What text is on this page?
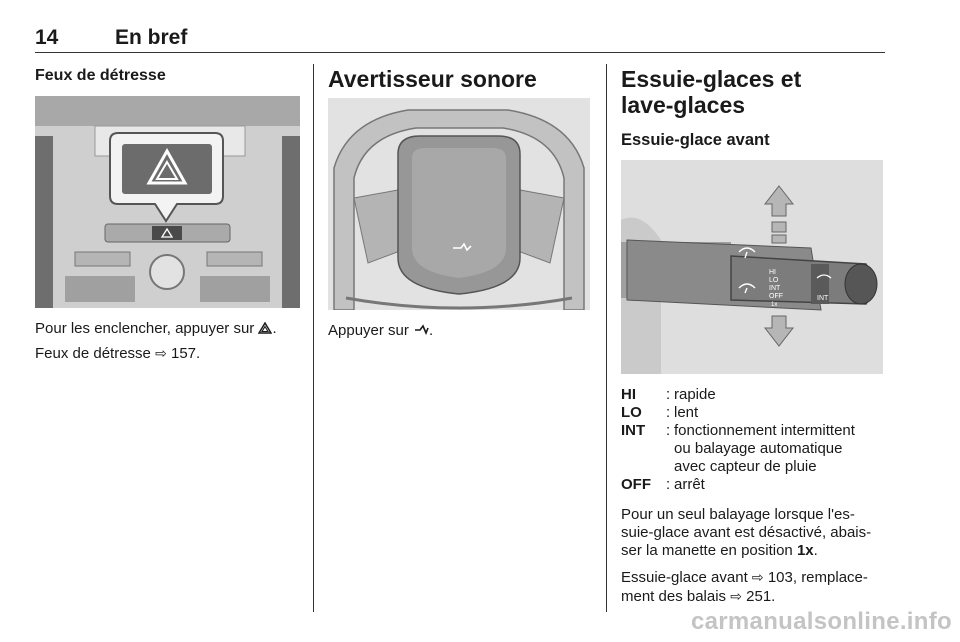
14	En bref
Feux de détresse

Pour les enclencher, appuyer sur .

Feux de détresse ⇨ 157.

Avertisseur sonore

Appuyer sur .

Essuie-glaces et
lave-glaces
Essuie-glace avant
HI
LO
INT
OFF
1x
INT
HI : rapide
LO : lent
INT : fonctionnement intermittent
ou balayage automatique
avec capteur de pluie
OFF : arrêt

Pour un seul balayage lorsque l'es-
suie-glace avant est désactivé, abais-
ser la manette en position 1x.

Essuie-glace avant ⇨ 103, remplace-
ment des balais ⇨ 251.

carmanualsonline.info
